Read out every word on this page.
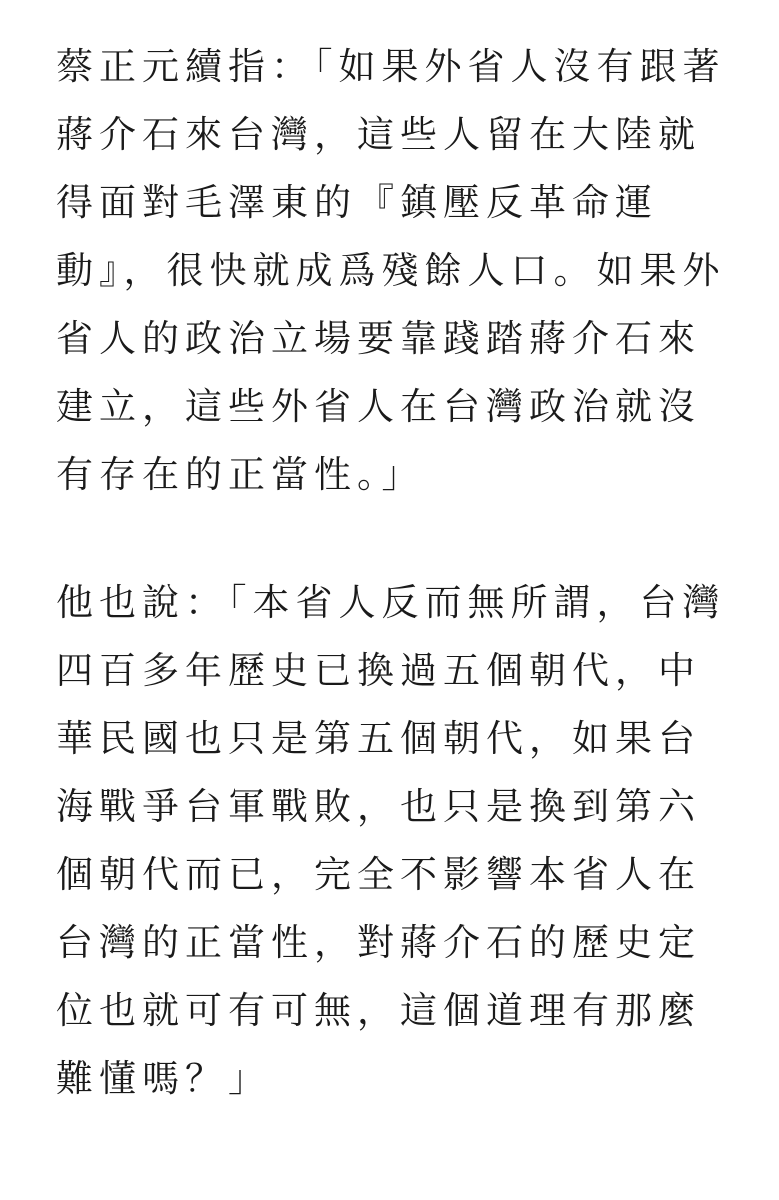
蔡正元續指：「如果外省人沒有跟著
蔣介石來台灣，這些人留在大陸就
得面對毛澤東的『鎮壓反革命運
動』，很快就成爲殘餘人口。如果外
省人的政治立場要靠踐踏蔣介石來
建立，這些外省人在台灣政治就沒
有存在的正當性。」

他也說：「本省人反而無所謂，台灣
四百多年歷史已換過五個朝代，中
華民國也只是第五個朝代，如果台
海戰爭台軍戰敗，也只是換到第六
個朝代而已，完全不影響本省人在
台灣的正當性，對蔣介石的歷史定
位也就可有可無，這個道理有那麼
難懂嗎？」
